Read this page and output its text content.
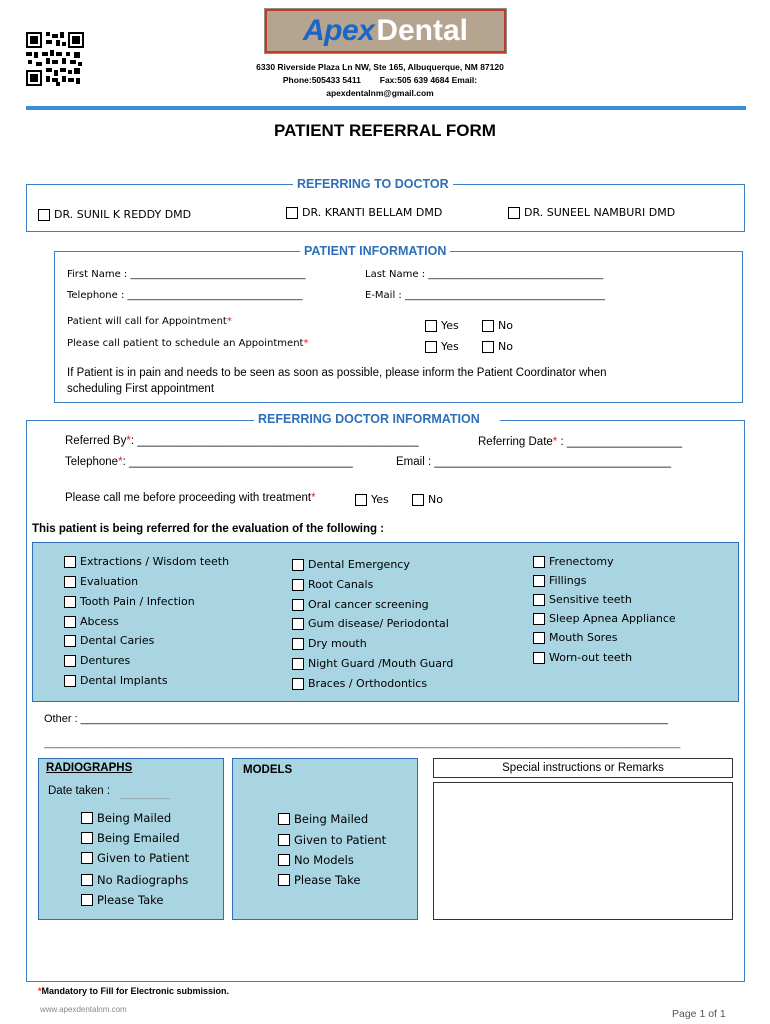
Apex Dental
6330 Riverside Plaza Ln NW, Ste 165, Albuquerque, NM 87120
Phone:505433 5411        Fax:505 639 4684 Email:
apexdentalnm@gmail.com
PATIENT REFERRAL FORM
REFERRING TO DOCTOR
DR. SUNIL K REDDY DMD	DR. KRANTI BELLAM DMD	DR. SUNEEL NAMBURI DMD
PATIENT INFORMATION
First Name : ___________________________________	Last Name : ___________________________________
Telephone : ___________________________________	E-Mail : ________________________________________
Patient will call for Appointment*	Yes	No
Please call patient to schedule an Appointment*	Yes	No
If Patient is in pain and needs to be seen as soon as possible, please inform the Patient Coordinator when
scheduling First appointment
REFERRING DOCTOR INFORMATION
Referred By*: ____________________________________________	Referring Date* : __________________
Telephone*: ___________________________________	Email : _____________________________________
Please call me before proceeding with treatment*	Yes	No
This patient is being referred for the evaluation of the following :
Extractions / Wisdom teeth
Evaluation
Tooth Pain / Infection
Abcess
Dental Caries
Dentures
Dental Implants
Dental Emergency
Root Canals
Oral cancer screening
Gum disease/ Periodontal
Dry mouth
Night Guard /Mouth Guard
Braces / Orthodontics
Frenectomy
Fillings
Sensitive teeth
Sleep Apnea Appliance
Mouth Sores
Worn-out teeth
Other : ________________________________________________________________________________________________
________________________________________________________________________________________________________
RADIOGRAPHS
Date taken : __________
Being Mailed
Being Emailed
Given to Patient
No Radiographs
Please Take
MODELS
Being Mailed
Given to Patient
No Models
Please Take
Special instructions or Remarks
*Mandatory to Fill for Electronic submission.
www.apexdentalnm.com	Page 1 of 1
